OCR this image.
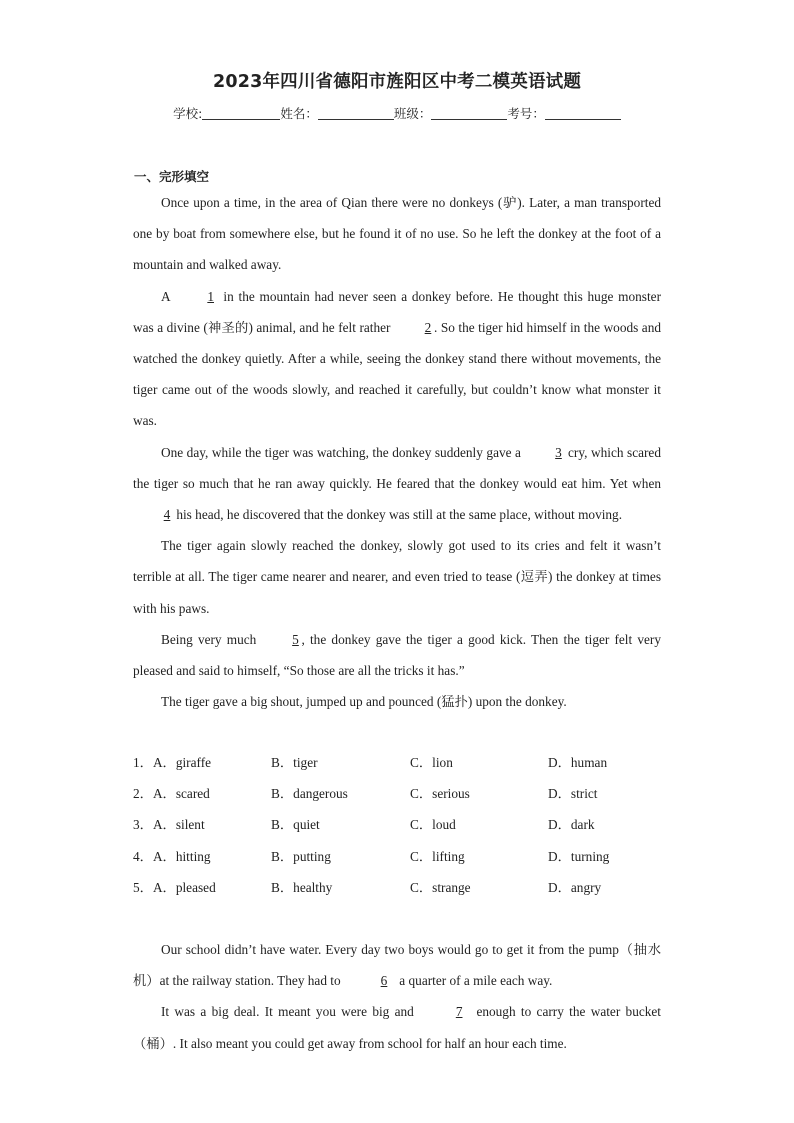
2023年四川省德阳市旌阳区中考二模英语试题
学校:	姓名：	班级：	考号：
一、完形填空

Once upon a time, in the area of Qian there were no donkeys (驴). Later, a man transported one by boat from somewhere else, but he found it of no use. So he left the donkey at the foot of a mountain and walked away.

A 1 in the mountain had never seen a donkey before. He thought this huge monster was a divine (神圣的) animal, and he felt rather 2 . So the tiger hid himself in the woods and watched the donkey quietly. After a while, seeing the donkey stand there without movements, the tiger came out of the woods slowly, and reached it carefully, but couldn’t know what monster it was.

One day, while the tiger was watching, the donkey suddenly gave a 3 cry, which scared the tiger so much that he ran away quickly. He feared that the donkey would eat him. Yet when 4 his head, he discovered that the donkey was still at the same place, without moving.

The tiger again slowly reached the donkey, slowly got used to its cries and felt it wasn’t terrible at all. The tiger came nearer and nearer, and even tried to tease (逗弄) the donkey at times with his paws.

Being very much 5 , the donkey gave the tiger a good kick. Then the tiger felt very pleased and said to himself, “So those are all the tricks it has.”

The tiger gave a big shout, jumped up and pounced (猛扑) upon the donkey.

1．A．giraffe	B．tiger	C．lion	D．human
2．A．scared	B．dangerous	C．serious	D．strict
3．A．silent	B．quiet	C．loud	D．dark
4．A．hitting	B．putting	C．lifting	D．turning
5．A．pleased	B．healthy	C．strange	D．angry

Our school didn’t have water. Every day two boys would go to get it from the pump（抽水机）at the railway station. They had to	6 a quarter of a mile each way.

It was a big deal. It meant you were big and	7 enough to carry the water bucket（桶）. It also meant you could get away from school for half an hour each time.
